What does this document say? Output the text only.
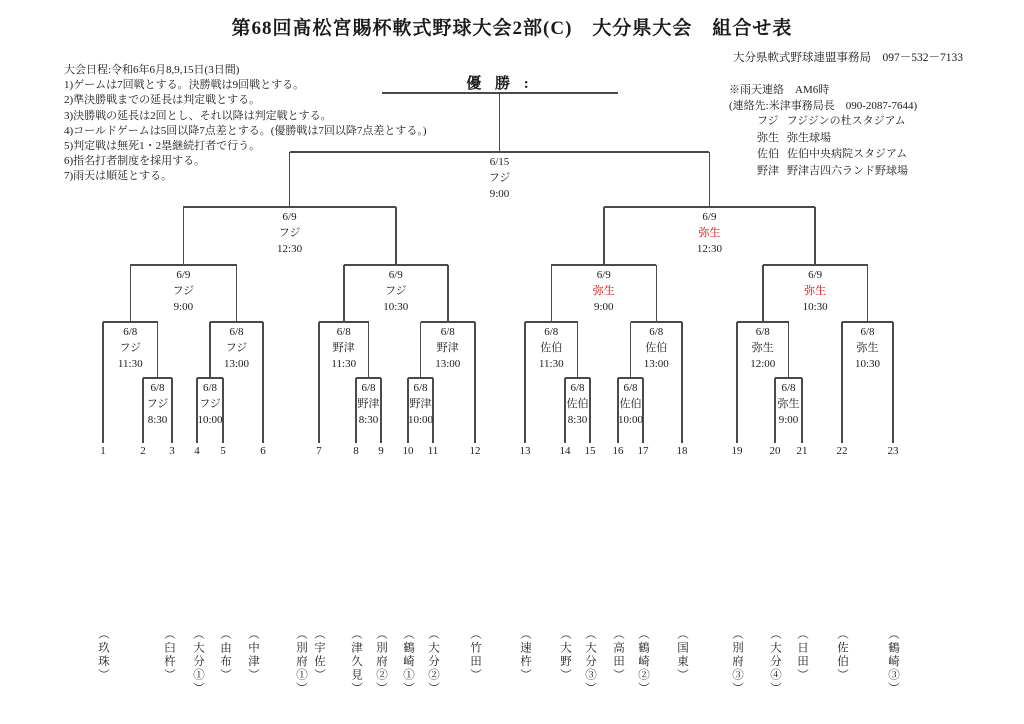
第68回髙松宮賜杯軟式野球大会2部(C)　大分県大会　組合せ表
大分県軟式野球連盟事務局　097－532－7133
※雨天連絡　AM6時
(連絡先:米津事務局長　090-2087-7644)
フジ フジジンの杜スタジアム
弥生 弥生球場
佐伯 佐伯中央病院スタジアム
野津 野津吉四六ランド野球場
大会日程:令和6年6月8,9,15日(3日間)
1)ゲームは7回戦とする。決勝戦は9回戦とする。
2)準決勝戦までの延長は判定戦とする。
3)決勝戦の延長は2回とし、それ以降は判定戦とする。
4)コールドゲームは5回以降7点差とする。(優勝戦は7回以降7点差とする。)
5)判定戦は無死1・2塁継続打者で行う。
6)指名打者制度を採用する。
7)雨天は順延とする。
優 勝 :
6/8
フジ
8:30
6/8
フジ
11:30
6/8
フジ
10:00
6/8
フジ
13:00
6/9
フジ
9:00
6/8
野津
8:30
6/8
野津
11:30
6/8
野津
10:00
6/8
野津
13:00
6/9
フジ
10:30
6/9
フジ
12:30
6/8
佐伯
8:30
6/8
佐伯
11:30
6/8
佐伯
10:00
6/8
佐伯
13:00
6/9
弥生
9:00
6/8
弥生
9:00
6/8
弥生
12:00
6/8
弥生
10:30
6/9
弥生
10:30
6/9
弥生
12:30
6/15
フジ
9:00
1
（玖珠）
2
（臼杵）
3
（大分①）
4
（由布）
5
（中津）
6
（別府①）
7
（宇佐）
8
（津久見）
9
（別府②）
10
（鶴崎①）
11
（大分②）
12
（竹田）
13
（速杵）
14
（大野）
15
（大分③）
16
（高田）
17
（鶴崎②）
18
（国東）
19
（別府③）
20
（大分④）
21
（日田）
22
（佐伯）
23
（鶴崎③）
